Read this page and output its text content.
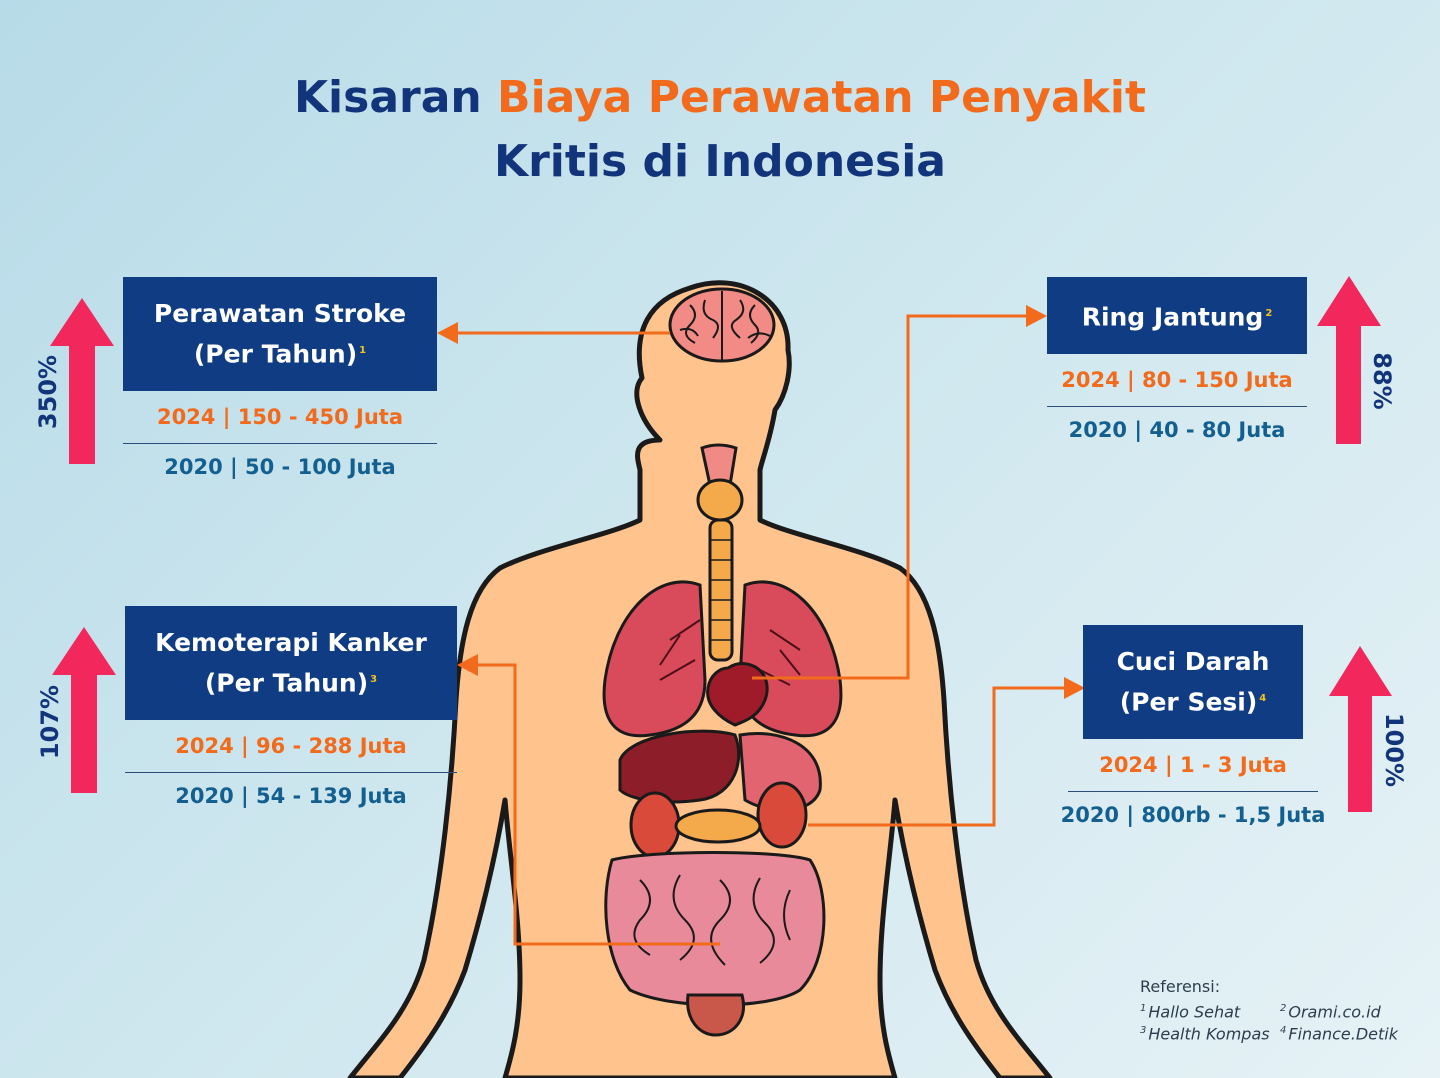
Kisaran Biaya Perawatan Penyakit
Kritis di Indonesia
Perawatan Stroke
(Per Tahun) $^1$
2024 | 150 - 450 Juta
2020 | 50 - 100 Juta
350%
Ring Jantung $^2$
2024 | 80 - 150 Juta
2020 | 40 - 80 Juta
88%
Kemoterapi Kanker
(Per Tahun) $^3$
2024 | 96 - 288 Juta
2020 | 54 - 139 Juta
107%
Cuci Darah
(Per Sesi) $^4$
2024 | 1 - 3 Juta
2020 | 800rb - 1,5 Juta
100%
Referensi:
$^1$ Hallo Sehat	$^2$ Orami.co.id
$^3$ Health Kompas $^4$ Finance.Detik
